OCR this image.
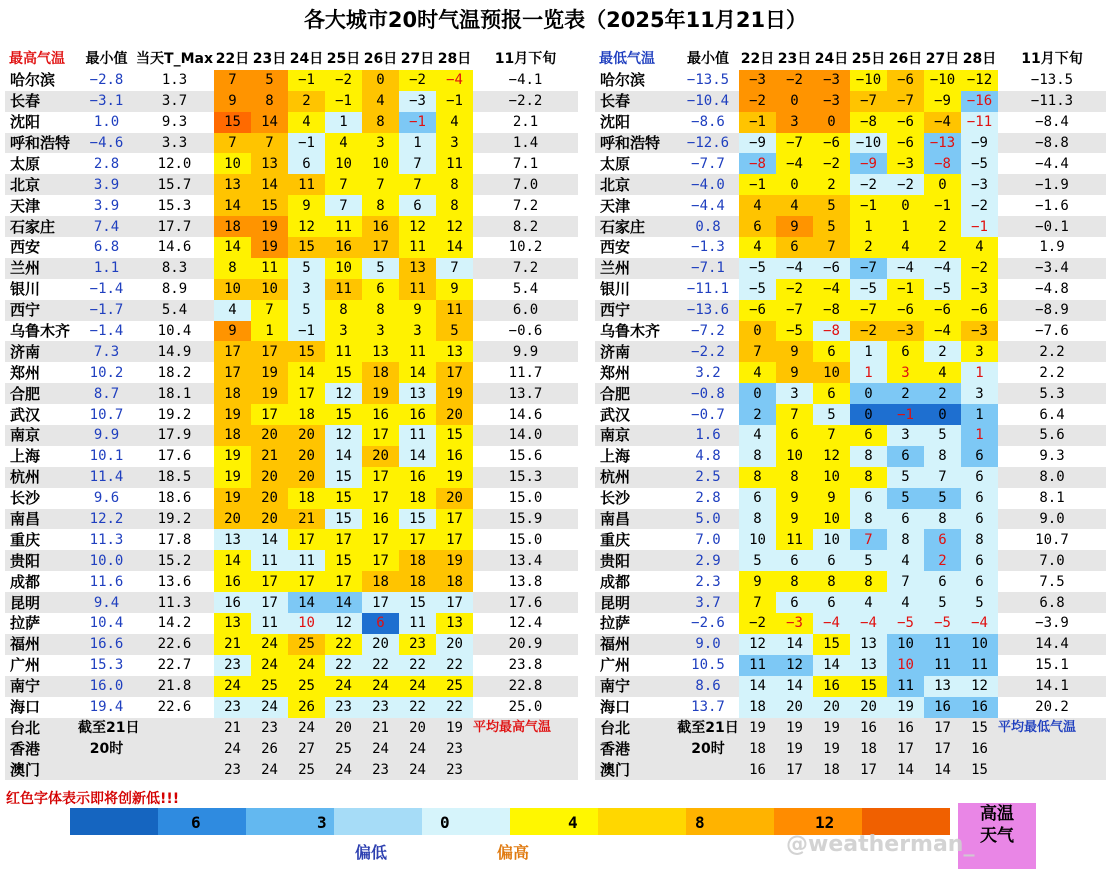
各大城市20时气温预报一览表（2025年11月21日）
最高气温	最小值	当天T_Max	22日	23日	24日	25日	26日	27日	28日	11月下旬
哈尔滨	−2.8	1.3	7	5	−1	−2	0	−2	−4	−4.1
长春	−3.1	3.7	9	8	2	−1	4	−3	−1	−2.2
沈阳	1.0	9.3	15	14	4	1	8	−1	4	2.1
呼和浩特	−4.6	3.3	7	7	−1	4	3	1	3	1.4
太原	2.8	12.0	10	13	6	10	10	7	11	7.1
北京	3.9	15.7	13	14	11	7	7	7	8	7.0
天津	3.9	15.3	14	15	9	7	8	6	8	7.2
石家庄	7.4	17.7	18	19	12	11	16	12	12	8.2
西安	6.8	14.6	14	19	15	16	17	11	14	10.2
兰州	1.1	8.3	8	11	5	10	5	13	7	7.2
银川	−1.4	8.9	10	10	3	11	6	11	9	5.4
西宁	−1.7	5.4	4	7	5	8	8	9	11	6.0
乌鲁木齐	−1.4	10.4	9	1	−1	3	3	3	5	−0.6
济南	7.3	14.9	17	17	15	11	13	11	13	9.9
郑州	10.2	18.2	17	19	14	15	18	14	17	11.7
合肥	8.7	18.1	18	19	17	12	19	13	19	13.7
武汉	10.7	19.2	19	17	18	15	16	16	20	14.6
南京	9.9	17.9	18	20	20	12	17	11	15	14.0
上海	10.1	17.6	19	21	20	14	20	14	16	15.6
杭州	11.4	18.5	19	20	20	15	17	16	19	15.3
长沙	9.6	18.6	19	20	18	15	17	18	20	15.0
南昌	12.2	19.2	20	20	21	15	16	15	17	15.9
重庆	11.3	17.8	13	14	17	17	17	17	17	15.0
贵阳	10.0	15.2	14	11	11	15	17	18	19	13.4
成都	11.6	13.6	16	17	17	17	18	18	18	13.8
昆明	9.4	11.3	16	17	14	14	17	15	17	17.6
拉萨	10.4	14.2	13	11	10	12	6	11	13	12.4
福州	16.6	22.6	21	24	25	22	20	23	20	20.9
广州	15.3	22.7	23	24	24	22	22	22	22	23.8
南宁	16.0	21.8	24	25	25	24	24	24	25	22.8
海口	19.4	22.6	23	24	26	23	23	22	22	25.0
台北	截至21日		21	23	24	20	21	20	19	平均最高气温
香港	20时		24	26	27	25	24	24	23	
澳门			23	24	25	24	23	24	23	
最低气温	最小值	22日	23日	24日	25日	26日	27日	28日	11月下旬
哈尔滨	−13.5	−3	−2	−3	−10	−6	−10	−12	−13.5
长春	−10.4	−2	0	−3	−7	−7	−9	−16	−11.3
沈阳	−8.6	−1	3	0	−8	−6	−4	−11	−8.4
呼和浩特	−12.6	−9	−7	−6	−10	−6	−13	−9	−8.8
太原	−7.7	−8	−4	−2	−9	−3	−8	−5	−4.4
北京	−4.0	−1	0	2	−2	−2	0	−3	−1.9
天津	−4.4	4	4	5	−1	0	−1	−2	−1.6
石家庄	0.8	6	9	5	1	1	2	−1	−0.1
西安	−1.3	4	6	7	2	4	2	4	1.9
兰州	−7.1	−5	−4	−6	−7	−4	−4	−2	−3.4
银川	−11.1	−5	−2	−4	−5	−1	−5	−3	−4.8
西宁	−13.6	−6	−7	−8	−7	−6	−6	−6	−8.9
乌鲁木齐	−7.2	0	−5	−8	−2	−3	−4	−3	−7.6
济南	−2.2	7	9	6	1	6	2	3	2.2
郑州	3.2	4	9	10	1	3	4	1	2.2
合肥	−0.8	0	3	6	0	2	2	3	5.3
武汉	−0.7	2	7	5	0	−1	0	1	6.4
南京	1.6	4	6	7	6	3	5	1	5.6
上海	4.8	8	10	12	8	6	8	6	9.3
杭州	2.5	8	8	10	8	5	7	6	8.0
长沙	2.8	6	9	9	6	5	5	6	8.1
南昌	5.0	8	9	10	8	6	8	6	9.0
重庆	7.0	10	11	10	7	8	6	8	10.7
贵阳	2.9	5	6	6	5	4	2	6	7.0
成都	2.3	9	8	8	8	7	6	6	7.5
昆明	3.7	7	6	6	4	4	5	5	6.8
拉萨	−2.6	−2	−3	−4	−4	−5	−5	−4	−3.9
福州	9.0	12	14	15	13	10	11	10	14.4
广州	10.5	11	12	14	13	10	11	11	15.1
南宁	8.6	14	14	16	15	11	13	12	14.1
海口	13.7	18	20	20	20	19	16	16	20.2
台北	截至21日	19	19	19	16	16	17	15	平均最低气温
香港	20时	18	19	19	18	17	17	16	
澳门		16	17	18	17	14	14	15	
红色字体表示即将创新低!!!
6	3	0	4	8	12
偏低	偏高
高温
天气
@weatherman_
